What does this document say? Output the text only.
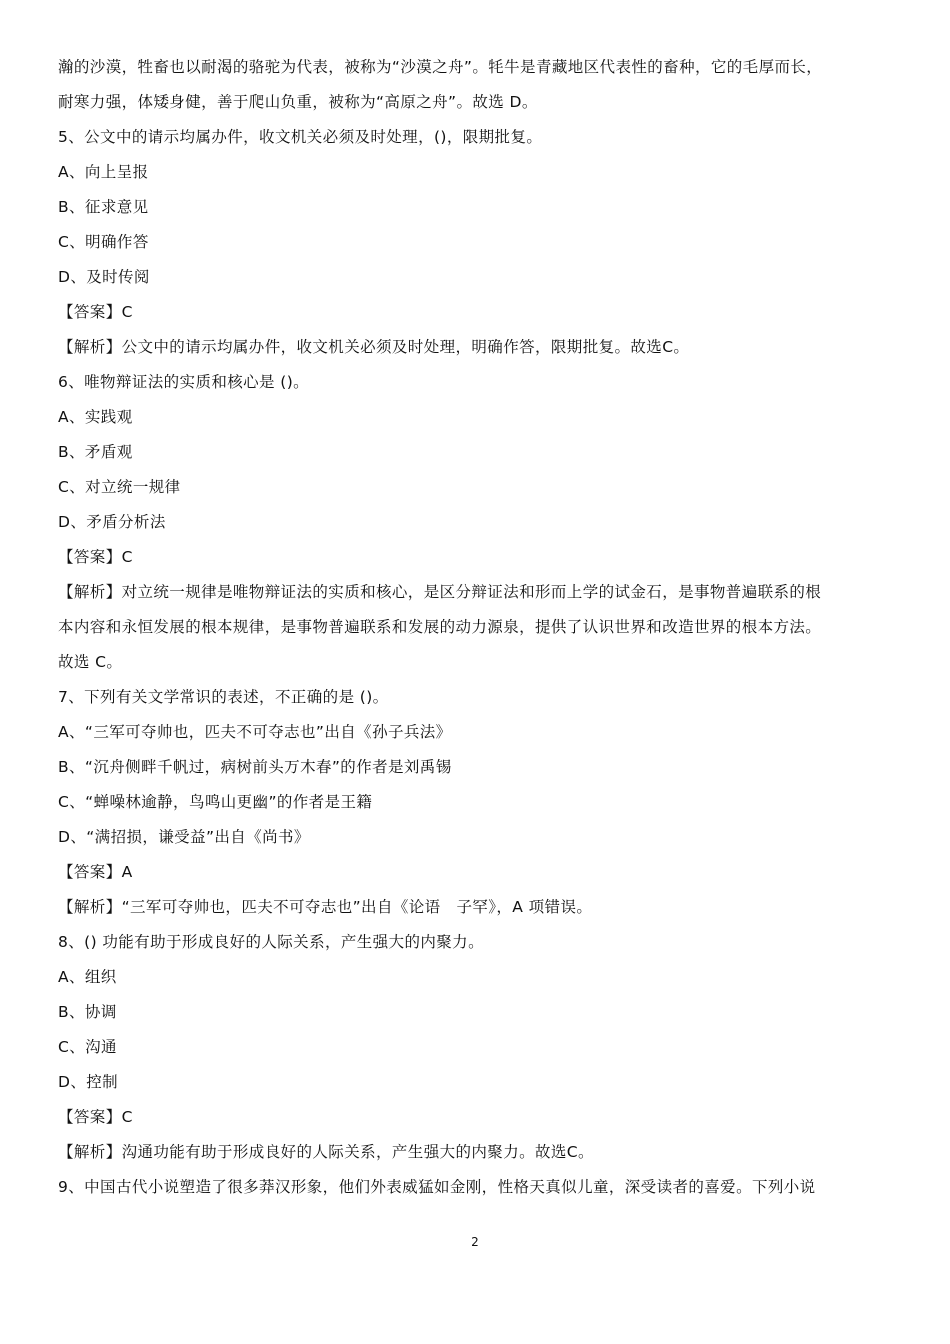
瀚的沙漠，牲畜也以耐渴的骆驼为代表，被称为“沙漠之舟”。牦牛是青藏地区代表性的畜种，它的毛厚而长，
耐寒力强，体矮身健，善于爬山负重，被称为“高原之舟”。故选 D。
5、公文中的请示均属办件，收文机关必须及时处理，()，限期批复。
A、向上呈报
B、征求意见
C、明确作答
D、及时传阅
【答案】C
【解析】公文中的请示均属办件，收文机关必须及时处理，明确作答，限期批复。故选C。
6、唯物辩证法的实质和核心是 ()。
A、实践观
B、矛盾观
C、对立统一规律
D、矛盾分析法
【答案】C
【解析】对立统一规律是唯物辩证法的实质和核心，是区分辩证法和形而上学的试金石，是事物普遍联系的根
本内容和永恒发展的根本规律，是事物普遍联系和发展的动力源泉，提供了认识世界和改造世界的根本方法。
故选 C。
7、下列有关文学常识的表述，不正确的是 ()。
A、“三军可夺帅也，匹夫不可夺志也”出自《孙子兵法》
B、“沉舟侧畔千帆过，病树前头万木春”的作者是刘禹锡
C、“蝉噪林逾静，鸟鸣山更幽”的作者是王籍
D、“满招损，谦受益”出自《尚书》
【答案】A
【解析】“三军可夺帅也，匹夫不可夺志也”出自《论语　子罕》，A 项错误。
8、() 功能有助于形成良好的人际关系，产生强大的内聚力。
A、组织
B、协调
C、沟通
D、控制
【答案】C
【解析】沟通功能有助于形成良好的人际关系，产生强大的内聚力。故选C。
9、中国古代小说塑造了很多莽汉形象，他们外表威猛如金刚，性格天真似儿童，深受读者的喜爱。下列小说
2
